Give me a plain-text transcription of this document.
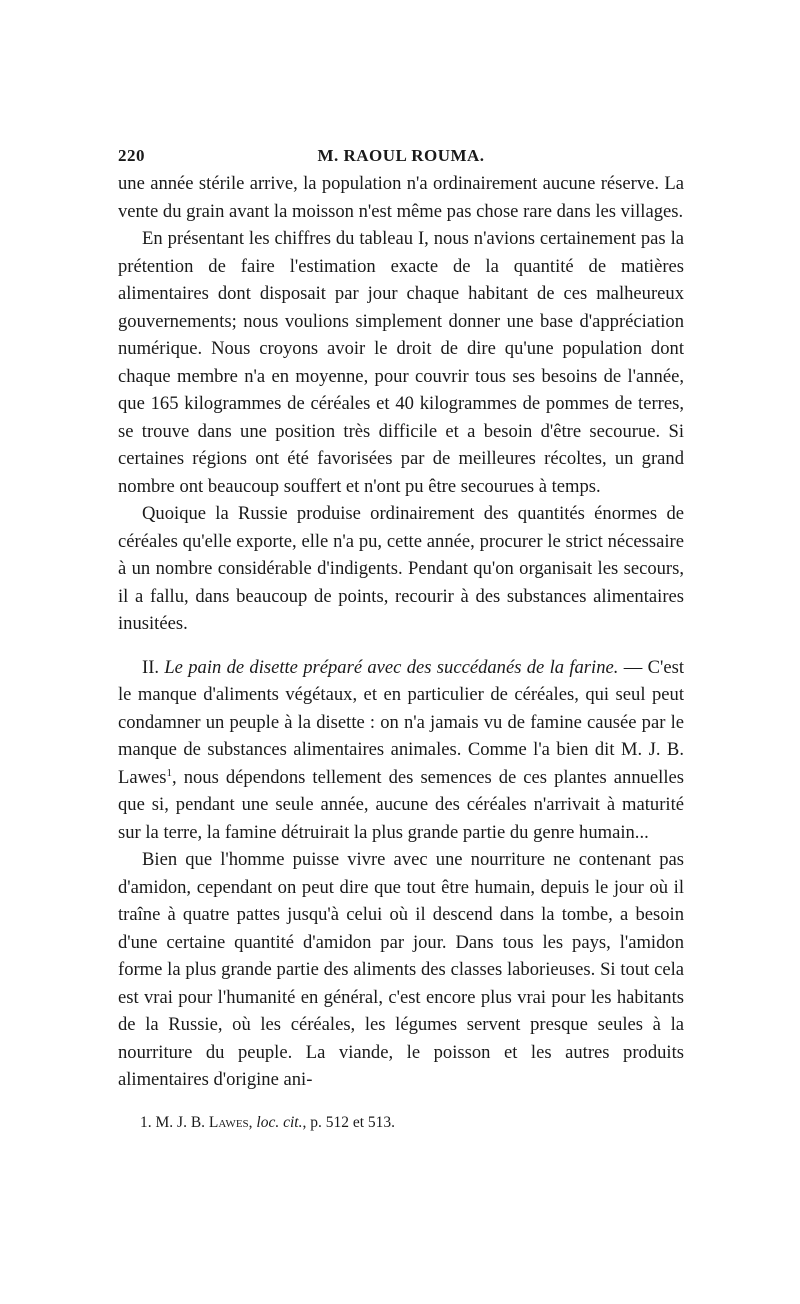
220	M. RAOUL ROUMA.

une année stérile arrive, la population n'a ordinairement aucune réserve. La vente du grain avant la moisson n'est même pas chose rare dans les villages.

En présentant les chiffres du tableau I, nous n'avions certainement pas la prétention de faire l'estimation exacte de la quantité de matières alimentaires dont disposait par jour chaque habitant de ces malheureux gouvernements; nous voulions simplement donner une base d'appréciation numérique. Nous croyons avoir le droit de dire qu'une population dont chaque membre n'a en moyenne, pour couvrir tous ses besoins de l'année, que 165 kilogrammes de céréales et 40 kilogrammes de pommes de terres, se trouve dans une position très difficile et a besoin d'être secourue. Si certaines régions ont été favorisées par de meilleures récoltes, un grand nombre ont beaucoup souffert et n'ont pu être secourues à temps.

Quoique la Russie produise ordinairement des quantités énormes de céréales qu'elle exporte, elle n'a pu, cette année, procurer le strict nécessaire à un nombre considérable d'indigents. Pendant qu'on organisait les secours, il a fallu, dans beaucoup de points, recourir à des substances alimentaires inusitées.

II. Le pain de disette préparé avec des succédanés de la farine. — C'est le manque d'aliments végétaux, et en particulier de céréales, qui seul peut condamner un peuple à la disette : on n'a jamais vu de famine causée par le manque de substances alimentaires animales. Comme l'a bien dit M. J. B. Lawes$^1$, nous dépendons tellement des semences de ces plantes annuelles que si, pendant une seule année, aucune des céréales n'arrivait à maturité sur la terre, la famine détruirait la plus grande partie du genre humain...

Bien que l'homme puisse vivre avec une nourriture ne contenant pas d'amidon, cependant on peut dire que tout être humain, depuis le jour où il traîne à quatre pattes jusqu'à celui où il descend dans la tombe, a besoin d'une certaine quantité d'amidon par jour. Dans tous les pays, l'amidon forme la plus grande partie des aliments des classes laborieuses. Si tout cela est vrai pour l'humanité en général, c'est encore plus vrai pour les habitants de la Russie, où les céréales, les légumes servent presque seules à la nourriture du peuple. La viande, le poisson et les autres produits alimentaires d'origine ani-

1. M. J. B. Lawes, loc. cit., p. 512 et 513.
